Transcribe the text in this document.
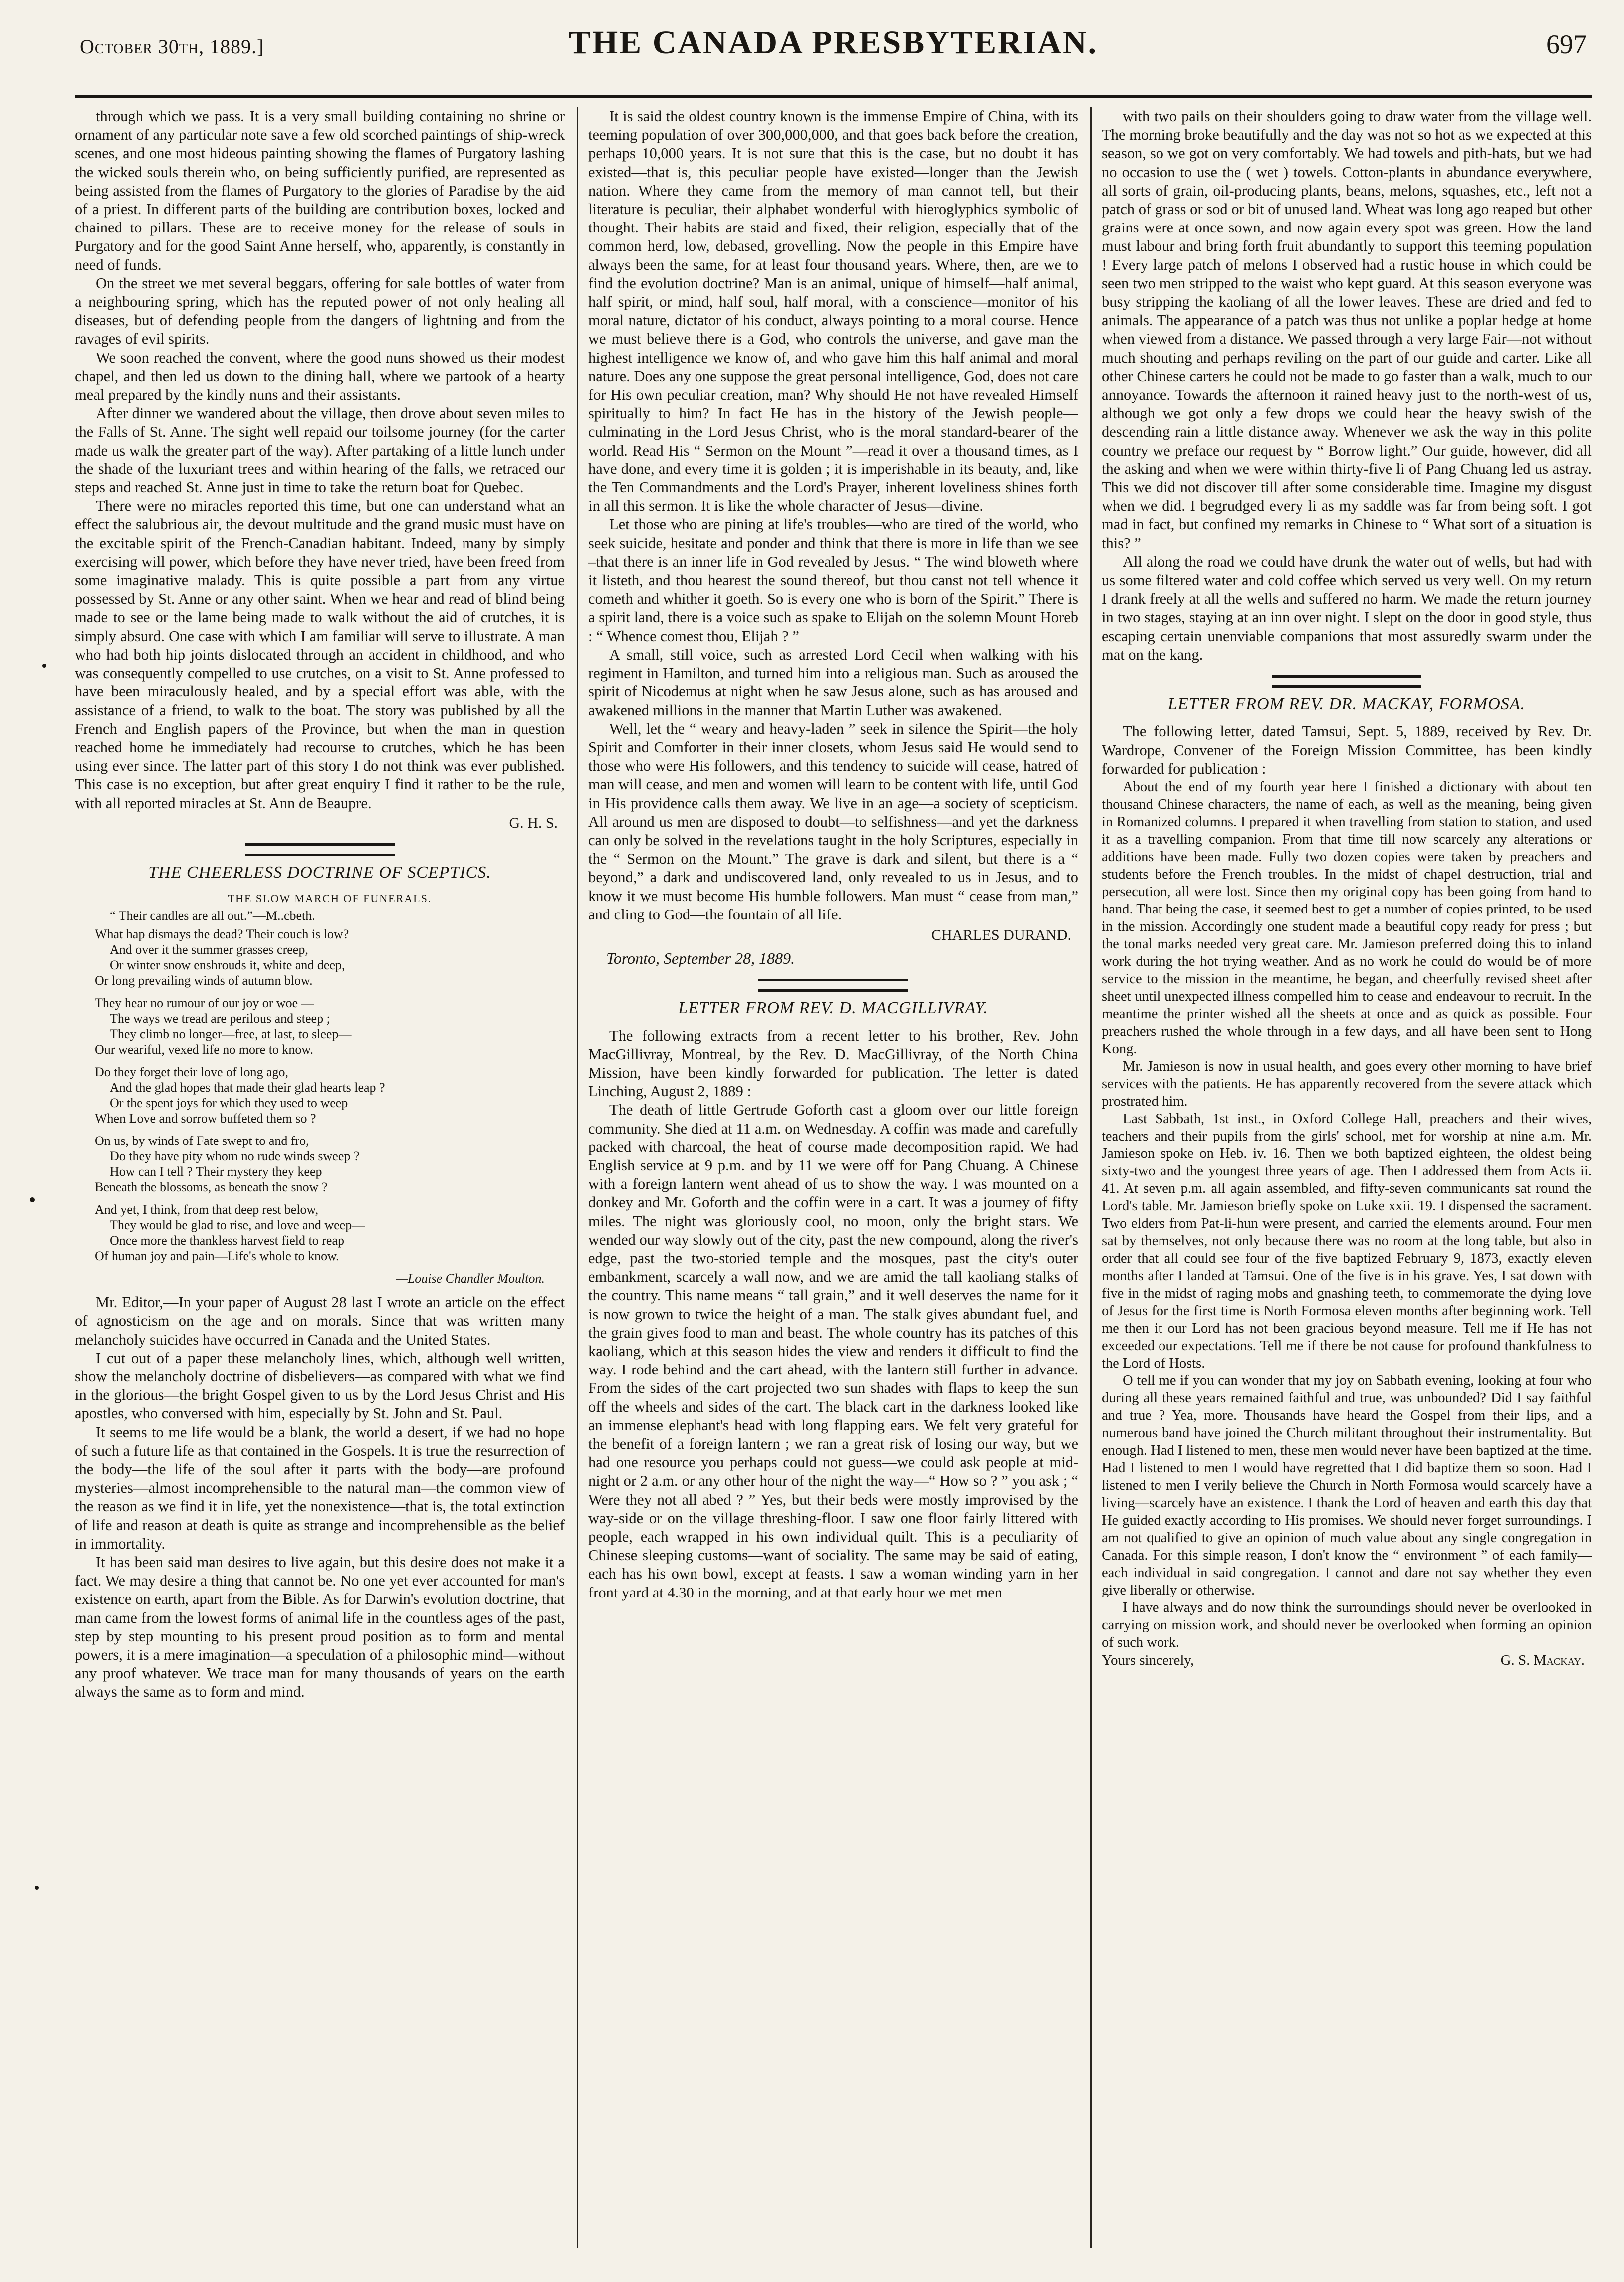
October 30th, 1889.]	THE CANADA PRESBYTERIAN.	697

through which we pass. It is a very small building containing no shrine or ornament of any particular note save a few old scorched paintings of ship-wreck scenes, and one most hideous painting showing the flames of Purgatory lashing the wicked souls therein who, on being sufficiently purified, are represented as being assisted from the flames of Purgatory to the glories of Paradise by the aid of a priest. In different parts of the building are contribution boxes, locked and chained to pillars. These are to receive money for the release of souls in Purgatory and for the good Saint Anne herself, who, apparently, is constantly in need of funds.

On the street we met several beggars, offering for sale bottles of water from a neighbouring spring, which has the reputed power of not only healing all diseases, but of defending people from the dangers of lightning and from the ravages of evil spirits.

We soon reached the convent, where the good nuns showed us their modest chapel, and then led us down to the dining hall, where we partook of a hearty meal prepared by the kindly nuns and their assistants.

After dinner we wandered about the village, then drove about seven miles to the Falls of St. Anne. The sight well repaid our toilsome journey (for the carter made us walk the greater part of the way). After partaking of a little lunch under the shade of the luxuriant trees and within hearing of the falls, we retraced our steps and reached St. Anne just in time to take the return boat for Quebec.

There were no miracles reported this time, but one can understand what an effect the salubrious air, the devout multitude and the grand music must have on the excitable spirit of the French-Canadian habitant. Indeed, many by simply exercising will power, which before they have never tried, have been freed from some imaginative malady. This is quite possible a part from any virtue possessed by St. Anne or any other saint. When we hear and read of blind being made to see or the lame being made to walk without the aid of crutches, it is simply absurd. One case with which I am familiar will serve to illustrate. A man who had both hip joints dislocated through an accident in childhood, and who was consequently compelled to use crutches, on a visit to St. Anne professed to have been miraculously healed, and by a special effort was able, with the assistance of a friend, to walk to the boat. The story was published by all the French and English papers of the Province, but when the man in question reached home he immediately had recourse to crutches, which he has been using ever since. The latter part of this story I do not think was ever published. This case is no exception, but after great enquiry I find it rather to be the rule, with all reported miracles at St. Ann de Beaupre.

G. H. S.
THE CHEERLESS DOCTRINE OF SCEPTICS.
THE SLOW MARCH OF FUNERALS.
“ Their candles are all out.”—M..cbeth.
What hap dismays the dead? Their couch is low?
And over it the summer grasses creep,
Or winter snow enshrouds it, white and deep,
Or long prevailing winds of autumn blow.
They hear no rumour of our joy or woe —
The ways we tread are perilous and steep ;
They climb no longer—free, at last, to sleep—
Our weariful, vexed life no more to know.
Do they forget their love of long ago,
And the glad hopes that made their glad hearts leap ?
Or the spent joys for which they used to weep
When Love and sorrow buffeted them so ?
On us, by winds of Fate swept to and fro,
Do they have pity whom no rude winds sweep ?
How can I tell ? Their mystery they keep
Beneath the blossoms, as beneath the snow ?
And yet, I think, from that deep rest below,
They would be glad to rise, and love and weep—
Once more the thankless harvest field to reap
Of human joy and pain—Life's whole to know.
—Louise Chandler Moulton.

Mr. Editor,—In your paper of August 28 last I wrote an article on the effect of agnosticism on the age and on morals. Since that was written many melancholy suicides have occurred in Canada and the United States.

I cut out of a paper these melancholy lines, which, although well written, show the melancholy doctrine of disbelievers—as compared with what we find in the glorious—the bright Gospel given to us by the Lord Jesus Christ and His apostles, who conversed with him, especially by St. John and St. Paul.

It seems to me life would be a blank, the world a desert, if we had no hope of such a future life as that contained in the Gospels. It is true the resurrection of the body—the life of the soul after it parts with the body—are profound mysteries—almost incomprehensible to the natural man—the common view of the reason as we find it in life, yet the nonexistence—that is, the total extinction of life and reason at death is quite as strange and incomprehensible as the belief in immortality.

It has been said man desires to live again, but this desire does not make it a fact. We may desire a thing that cannot be. No one yet ever accounted for man's existence on earth, apart from the Bible. As for Darwin's evolution doctrine, that man came from the lowest forms of animal life in the countless ages of the past, step by step mounting to his present proud position as to form and mental powers, it is a mere imagination—a speculation of a philosophic mind—without any proof whatever. We trace man for many thousands of years on the earth always the same as to form and mind.

It is said the oldest country known is the immense Empire of China, with its teeming population of over 300,000,000, and that goes back before the creation, perhaps 10,000 years. It is not sure that this is the case, but no doubt it has existed—that is, this peculiar people have existed—longer than the Jewish nation. Where they came from the memory of man cannot tell, but their literature is peculiar, their alphabet wonderful with hieroglyphics symbolic of thought. Their habits are staid and fixed, their religion, especially that of the common herd, low, debased, grovelling. Now the people in this Empire have always been the same, for at least four thousand years. Where, then, are we to find the evolution doctrine? Man is an animal, unique of himself—half animal, half spirit, or mind, half soul, half moral, with a conscience—monitor of his moral nature, dictator of his conduct, always pointing to a moral course. Hence we must believe there is a God, who controls the universe, and gave man the highest intelligence we know of, and who gave him this half animal and moral nature. Does any one suppose the great personal intelligence, God, does not care for His own peculiar creation, man? Why should He not have revealed Himself spiritually to him? In fact He has in the history of the Jewish people—culminating in the Lord Jesus Christ, who is the moral standard-bearer of the world. Read His “ Sermon on the Mount ”—read it over a thousand times, as I have done, and every time it is golden ; it is imperishable in its beauty, and, like the Ten Commandments and the Lord's Prayer, inherent loveliness shines forth in all this sermon. It is like the whole character of Jesus—divine.

Let those who are pining at life's troubles—who are tired of the world, who seek suicide, hesitate and ponder and think that there is more in life than we see –that there is an inner life in God revealed by Jesus. “ The wind bloweth where it listeth, and thou hearest the sound thereof, but thou canst not tell whence it cometh and whither it goeth. So is every one who is born of the Spirit.” There is a spirit land, there is a voice such as spake to Elijah on the solemn Mount Horeb : “ Whence comest thou, Elijah ? ”

A small, still voice, such as arrested Lord Cecil when walking with his regiment in Hamilton, and turned him into a religious man. Such as aroused the spirit of Nicodemus at night when he saw Jesus alone, such as has aroused and awakened millions in the manner that Martin Luther was awakened.

Well, let the “ weary and heavy-laden ” seek in silence the Spirit—the holy Spirit and Comforter in their inner closets, whom Jesus said He would send to those who were His followers, and this tendency to suicide will cease, hatred of man will cease, and men and women will learn to be content with life, until God in His providence calls them away. We live in an age—a society of scepticism. All around us men are disposed to doubt—to selfishness—and yet the darkness can only be solved in the revelations taught in the holy Scriptures, especially in the “ Sermon on the Mount.” The grave is dark and silent, but there is a “ beyond,” a dark and undiscovered land, only revealed to us in Jesus, and to know it we must become His humble followers. Man must “ cease from man,” and cling to God—the fountain of all life.

CHARLES DURAND.
Toronto, September 28, 1889.
LETTER FROM REV. D. MACGILLIVRAY.

The following extracts from a recent letter to his brother, Rev. John MacGillivray, Montreal, by the Rev. D. MacGillivray, of the North China Mission, have been kindly forwarded for publication. The letter is dated Linching, August 2, 1889 :

The death of little Gertrude Goforth cast a gloom over our little foreign community. She died at 11 a.m. on Wednesday. A coffin was made and carefully packed with charcoal, the heat of course made decomposition rapid. We had English service at 9 p.m. and by 11 we were off for Pang Chuang. A Chinese with a foreign lantern went ahead of us to show the way. I was mounted on a donkey and Mr. Goforth and the coffin were in a cart. It was a journey of fifty miles. The night was gloriously cool, no moon, only the bright stars. We wended our way slowly out of the city, past the new compound, along the river's edge, past the two-storied temple and the mosques, past the city's outer embankment, scarcely a wall now, and we are amid the tall kaoliang stalks of the country. This name means “ tall grain,” and it well deserves the name for it is now grown to twice the height of a man. The stalk gives abundant fuel, and the grain gives food to man and beast. The whole country has its patches of this kaoliang, which at this season hides the view and renders it difficult to find the way. I rode behind and the cart ahead, with the lantern still further in advance. From the sides of the cart projected two sun shades with flaps to keep the sun off the wheels and sides of the cart. The black cart in the darkness looked like an immense elephant's head with long flapping ears. We felt very grateful for the benefit of a foreign lantern ; we ran a great risk of losing our way, but we had one resource you perhaps could not guess—we could ask people at mid-night or 2 a.m. or any other hour of the night the way—“ How so ? ” you ask ; “ Were they not all abed ? ” Yes, but their beds were mostly improvised by the way-side or on the village threshing-floor. I saw one floor fairly littered with people, each wrapped in his own individual quilt. This is a peculiarity of Chinese sleeping customs—want of sociality. The same may be said of eating, each has his own bowl, except at feasts. I saw a woman winding yarn in her front yard at 4.30 in the morning, and at that early hour we met men

with two pails on their shoulders going to draw water from the village well. The morning broke beautifully and the day was not so hot as we expected at this season, so we got on very comfortably. We had towels and pith-hats, but we had no occasion to use the ( wet ) towels. Cotton-plants in abundance everywhere, all sorts of grain, oil-producing plants, beans, melons, squashes, etc., left not a patch of grass or sod or bit of unused land. Wheat was long ago reaped but other grains were at once sown, and now again every spot was green. How the land must labour and bring forth fruit abundantly to support this teeming population ! Every large patch of melons I observed had a rustic house in which could be seen two men stripped to the waist who kept guard. At this season everyone was busy stripping the kaoliang of all the lower leaves. These are dried and fed to animals. The appearance of a patch was thus not unlike a poplar hedge at home when viewed from a distance. We passed through a very large Fair—not without much shouting and perhaps reviling on the part of our guide and carter. Like all other Chinese carters he could not be made to go faster than a walk, much to our annoyance. Towards the afternoon it rained heavy just to the north-west of us, although we got only a few drops we could hear the heavy swish of the descending rain a little distance away. Whenever we ask the way in this polite country we preface our request by “ Borrow light.” Our guide, however, did all the asking and when we were within thirty-five li of Pang Chuang led us astray. This we did not discover till after some considerable time. Imagine my disgust when we did. I begrudged every li as my saddle was far from being soft. I got mad in fact, but confined my remarks in Chinese to “ What sort of a situation is this? ”

All along the road we could have drunk the water out of wells, but had with us some filtered water and cold coffee which served us very well. On my return I drank freely at all the wells and suffered no harm. We made the return journey in two stages, staying at an inn over night. I slept on the door in good style, thus escaping certain unenviable companions that most assuredly swarm under the mat on the kang.

LETTER FROM REV. DR. MACKAY, FORMOSA.

The following letter, dated Tamsui, Sept. 5, 1889, received by Rev. Dr. Wardrope, Convener of the Foreign Mission Committee, has been kindly forwarded for publication :

About the end of my fourth year here I finished a dictionary with about ten thousand Chinese characters, the name of each, as well as the meaning, being given in Romanized columns. I prepared it when travelling from station to station, and used it as a travelling companion. From that time till now scarcely any alterations or additions have been made. Fully two dozen copies were taken by preachers and students before the French troubles. In the midst of chapel destruction, trial and persecution, all were lost. Since then my original copy has been going from hand to hand. That being the case, it seemed best to get a number of copies printed, to be used in the mission. Accordingly one student made a beautiful copy ready for press ; but the tonal marks needed very great care. Mr. Jamieson preferred doing this to inland work during the hot trying weather. And as no work he could do would be of more service to the mission in the meantime, he began, and cheerfully revised sheet after sheet until unexpected illness compelled him to cease and endeavour to recruit. In the meantime the printer wished all the sheets at once and as quick as possible. Four preachers rushed the whole through in a few days, and all have been sent to Hong Kong.

Mr. Jamieson is now in usual health, and goes every other morning to have brief services with the patients. He has apparently recovered from the severe attack which prostrated him.

Last Sabbath, 1st inst., in Oxford College Hall, preachers and their wives, teachers and their pupils from the girls' school, met for worship at nine a.m. Mr. Jamieson spoke on Heb. iv. 16. Then we both baptized eighteen, the oldest being sixty-two and the youngest three years of age. Then I addressed them from Acts ii. 41. At seven p.m. all again assembled, and fifty-seven communicants sat round the Lord's table. Mr. Jamieson briefly spoke on Luke xxii. 19. I dispensed the sacrament. Two elders from Pat-li-hun were present, and carried the elements around. Four men sat by themselves, not only because there was no room at the long table, but also in order that all could see four of the five baptized February 9, 1873, exactly eleven months after I landed at Tamsui. One of the five is in his grave. Yes, I sat down with five in the midst of raging mobs and gnashing teeth, to commemorate the dying love of Jesus for the first time is North Formosa eleven months after beginning work. Tell me then it our Lord has not been gracious beyond measure. Tell me if He has not exceeded our expectations. Tell me if there be not cause for profound thankfulness to the Lord of Hosts.

O tell me if you can wonder that my joy on Sabbath evening, looking at four who during all these years remained faithful and true, was unbounded? Did I say faithful and true ? Yea, more. Thousands have heard the Gospel from their lips, and a numerous band have joined the Church militant throughout their instrumentality. But enough. Had I listened to men, these men would never have been baptized at the time. Had I listened to men I would have regretted that I did baptize them so soon. Had I listened to men I verily believe the Church in North Formosa would scarcely have a living—scarcely have an existence. I thank the Lord of heaven and earth this day that He guided exactly according to His promises. We should never forget surroundings. I am not qualified to give an opinion of much value about any single congregation in Canada. For this simple reason, I don't know the “ environment ” of each family—each individual in said congregation. I cannot and dare not say whether they even give liberally or otherwise.

I have always and do now think the surroundings should never be overlooked in carrying on mission work, and should never be overlooked when forming an opinion of such work.

Yours sincerely,	G. S. Mackay.
